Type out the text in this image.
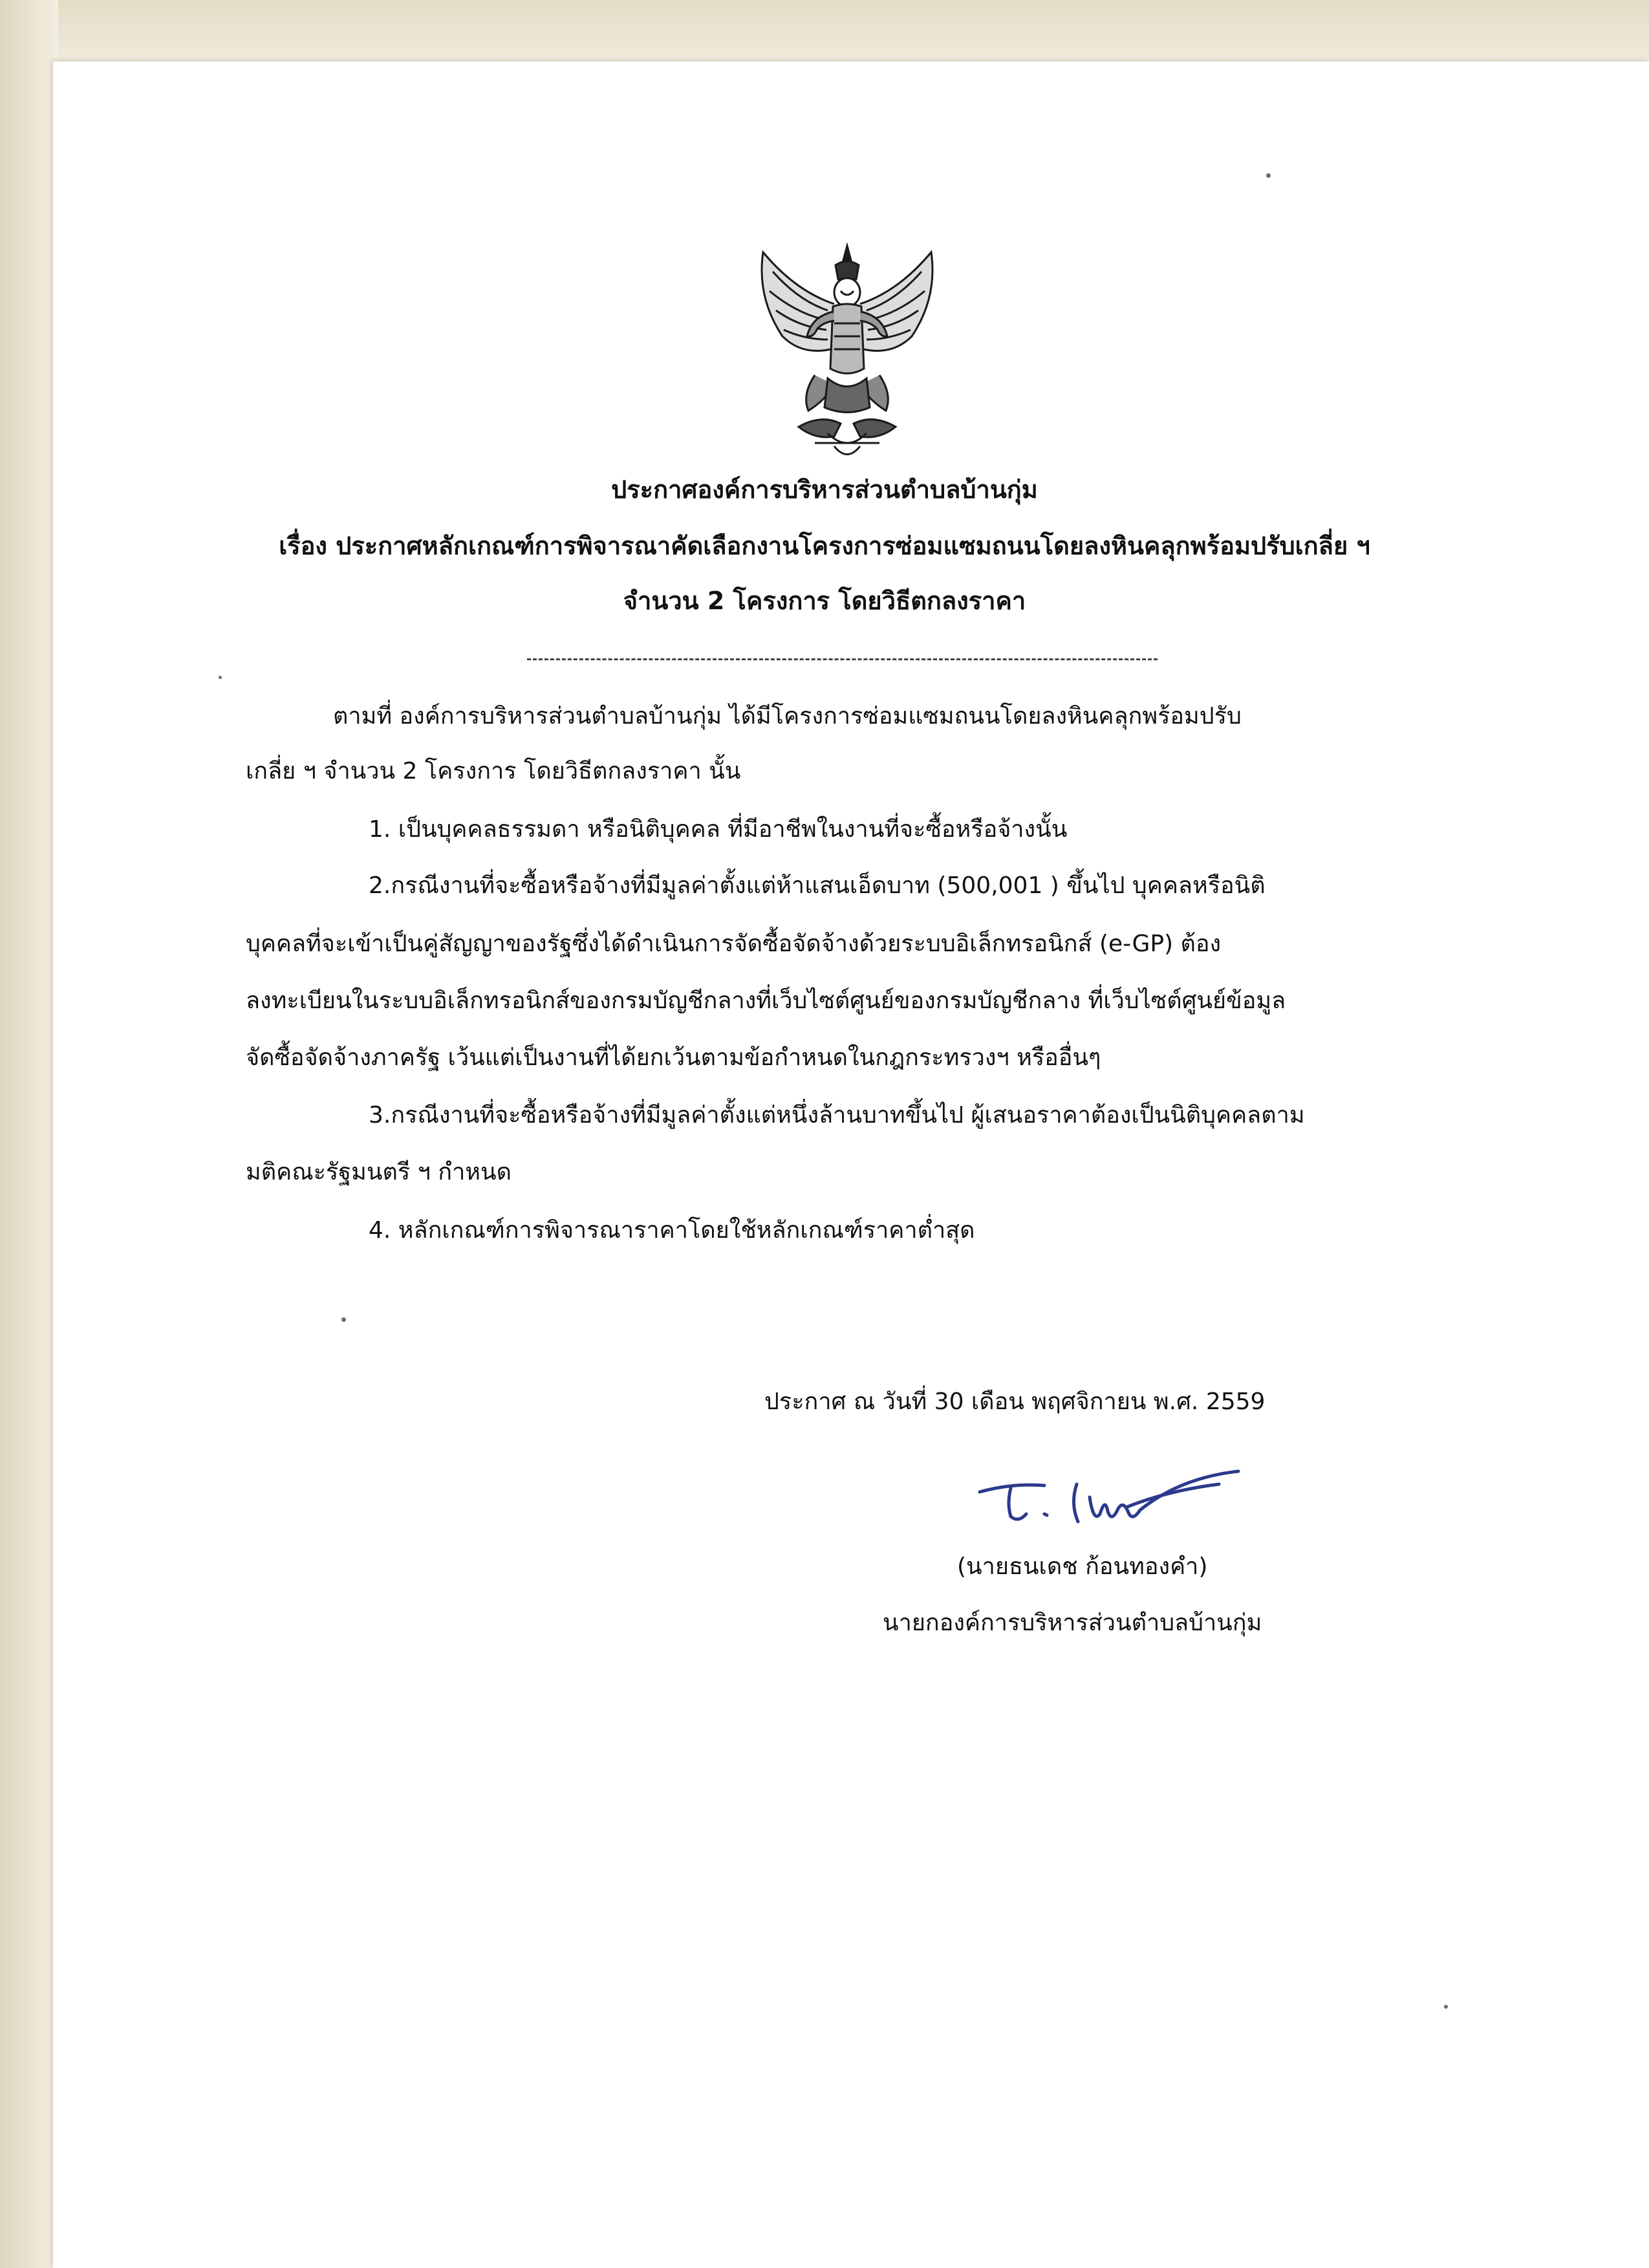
ประกาศองค์การบริหารส่วนตำบลบ้านกุ่ม
เรื่อง ประกาศหลักเกณฑ์การพิจารณาคัดเลือกงานโครงการซ่อมแซมถนนโดยลงหินคลุกพร้อมปรับเกลี่ย ฯ
จำนวน 2 โครงการ โดยวิธีตกลงราคา
ตามที่ องค์การบริหารส่วนตำบลบ้านกุ่ม ได้มีโครงการซ่อมแซมถนนโดยลงหินคลุกพร้อมปรับ
เกลี่ย ฯ จำนวน 2 โครงการ โดยวิธีตกลงราคา นั้น
1. เป็นบุคคลธรรมดา หรือนิติบุคคล ที่มีอาชีพในงานที่จะซื้อหรือจ้างนั้น
2.กรณีงานที่จะซื้อหรือจ้างที่มีมูลค่าตั้งแต่ห้าแสนเอ็ดบาท (500,001 ) ขึ้นไป บุคคลหรือนิติ
บุคคลที่จะเข้าเป็นคู่สัญญาของรัฐซึ่งได้ดำเนินการจัดซื้อจัดจ้างด้วยระบบอิเล็กทรอนิกส์ (e-GP) ต้อง
ลงทะเบียนในระบบอิเล็กทรอนิกส์ของกรมบัญชีกลางที่เว็บไซต์ศูนย์ของกรมบัญชีกลาง ที่เว็บไซต์ศูนย์ข้อมูล
จัดซื้อจัดจ้างภาครัฐ เว้นแต่เป็นงานที่ได้ยกเว้นตามข้อกำหนดในกฎกระทรวงฯ หรืออื่นๆ
3.กรณีงานที่จะซื้อหรือจ้างที่มีมูลค่าตั้งแต่หนึ่งล้านบาทขึ้นไป ผู้เสนอราคาต้องเป็นนิติบุคคลตาม
มติคณะรัฐมนตรี ฯ กำหนด
4. หลักเกณฑ์การพิจารณาราคาโดยใช้หลักเกณฑ์ราคาต่ำสุด
ประกาศ ณ วันที่ 30 เดือน พฤศจิกายน พ.ศ. 2559
(นายธนเดช ก้อนทองคำ)
นายกองค์การบริหารส่วนตำบลบ้านกุ่ม
